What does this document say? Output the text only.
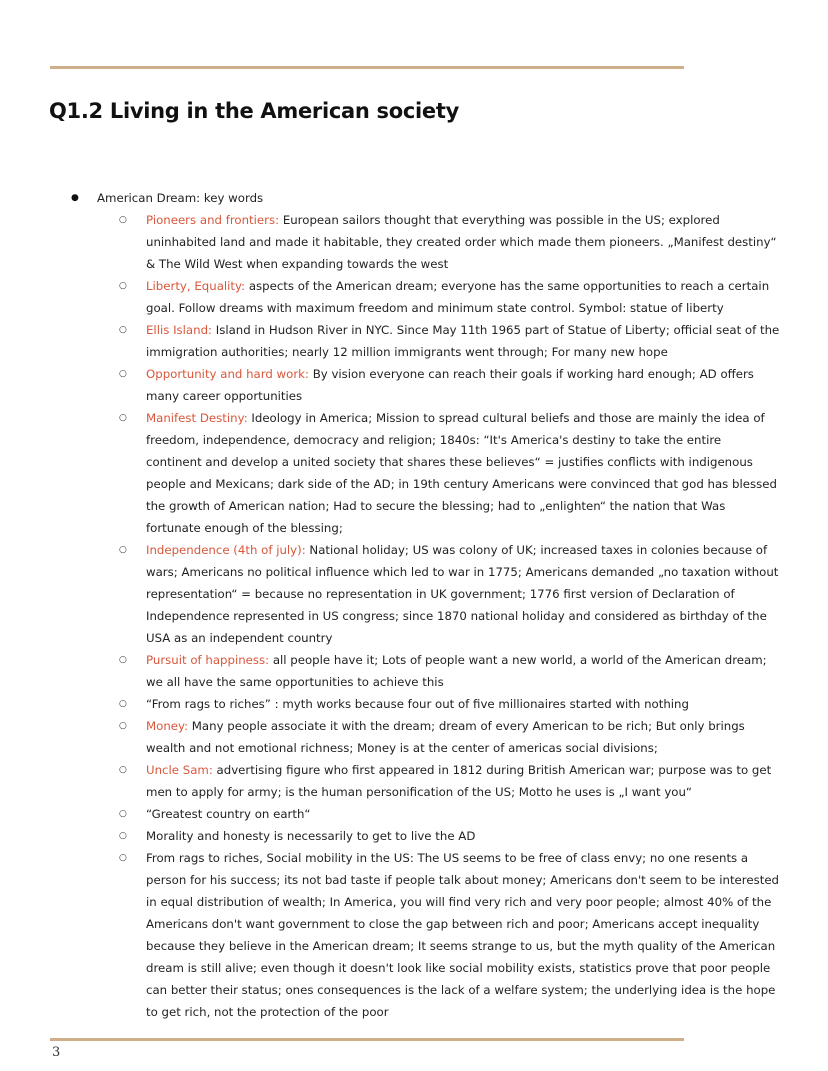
Q1.2 Living in the American society
● American Dream: key words
○ Pioneers and frontiers: European sailors thought that everything was possible in the US; explored uninhabited land and made it habitable, they created order which made them pioneers. „Manifest destiny“ & The Wild West when expanding towards the west
○ Liberty, Equality: aspects of the American dream; everyone has the same opportunities to reach a certain goal. Follow dreams with maximum freedom and minimum state control. Symbol: statue of liberty
○ Ellis Island: Island in Hudson River in NYC. Since May 11th 1965 part of Statue of Liberty; official seat of the immigration authorities; nearly 12 million immigrants went through; For many new hope
○ Opportunity and hard work: By vision everyone can reach their goals if working hard enough; AD offers many career opportunities
○ Manifest Destiny: Ideology in America; Mission to spread cultural beliefs and those are mainly the idea of freedom, independence, democracy and religion; 1840s: “It's America's destiny to take the entire continent and develop a united society that shares these believes“ = justifies conflicts with indigenous people and Mexicans; dark side of the AD; in 19th century Americans were convinced that god has blessed the growth of American nation; Had to secure the blessing; had to „enlighten“ the nation that Was fortunate enough of the blessing;
○ Independence (4th of july): National holiday; US was colony of UK; increased taxes in colonies because of wars; Americans no political influence which led to war in 1775; Americans demanded „no taxation without representation“ = because no representation in UK government; 1776 first version of Declaration of Independence represented in US congress; since 1870 national holiday and considered as birthday of the USA as an independent country
○ Pursuit of happiness: all people have it; Lots of people want a new world, a world of the American dream; we all have the same opportunities to achieve this
○ “From rags to riches” : myth works because four out of five millionaires started with nothing
○ Money: Many people associate it with the dream; dream of every American to be rich; But only brings wealth and not emotional richness; Money is at the center of americas social divisions;
○ Uncle Sam: advertising figure who first appeared in 1812 during British American war; purpose was to get men to apply for army; is the human personification of the US; Motto he uses is „I want you“
○ “Greatest country on earth“
○ Morality and honesty is necessarily to get to live the AD
○ From rags to riches, Social mobility in the US: The US seems to be free of class envy; no one resents a person for his success; its not bad taste if people talk about money; Americans don't seem to be interested in equal distribution of wealth; In America, you will find very rich and very poor people; almost 40% of the Americans don't want government to close the gap between rich and poor; Americans accept inequality because they believe in the American dream; It seems strange to us, but the myth quality of the American dream is still alive; even though it doesn't look like social mobility exists, statistics prove that poor people can better their status; ones consequences is the lack of a welfare system; the underlying idea is the hope to get rich, not the protection of the poor
3
